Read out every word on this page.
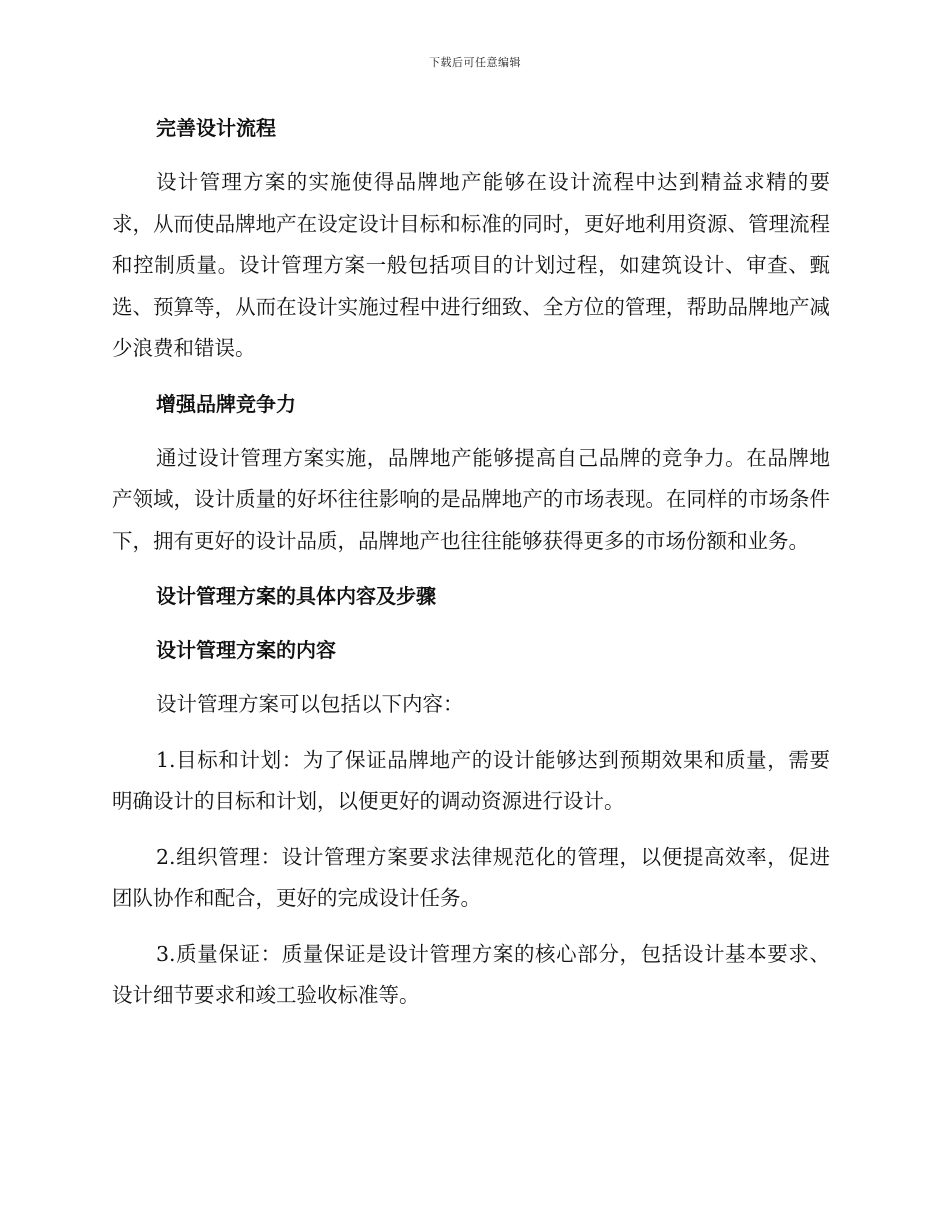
下载后可任意编辑
完善设计流程
设计管理方案的实施使得品牌地产能够在设计流程中达到精益求精的要求，从而使品牌地产在设定设计目标和标准的同时，更好地利用资源、管理流程和控制质量。设计管理方案一般包括项目的计划过程，如建筑设计、审查、甄选、预算等，从而在设计实施过程中进行细致、全方位的管理，帮助品牌地产减少浪费和错误。
增强品牌竞争力
通过设计管理方案实施，品牌地产能够提高自己品牌的竞争力。在品牌地产领域，设计质量的好坏往往影响的是品牌地产的市场表现。在同样的市场条件下，拥有更好的设计品质，品牌地产也往往能够获得更多的市场份额和业务。
设计管理方案的具体内容及步骤
设计管理方案的内容
设计管理方案可以包括以下内容：
1.目标和计划：为了保证品牌地产的设计能够达到预期效果和质量，需要明确设计的目标和计划，以便更好的调动资源进行设计。
2.组织管理：设计管理方案要求法律规范化的管理，以便提高效率，促进团队协作和配合，更好的完成设计任务。
3.质量保证：质量保证是设计管理方案的核心部分，包括设计基本要求、设计细节要求和竣工验收标准等。
